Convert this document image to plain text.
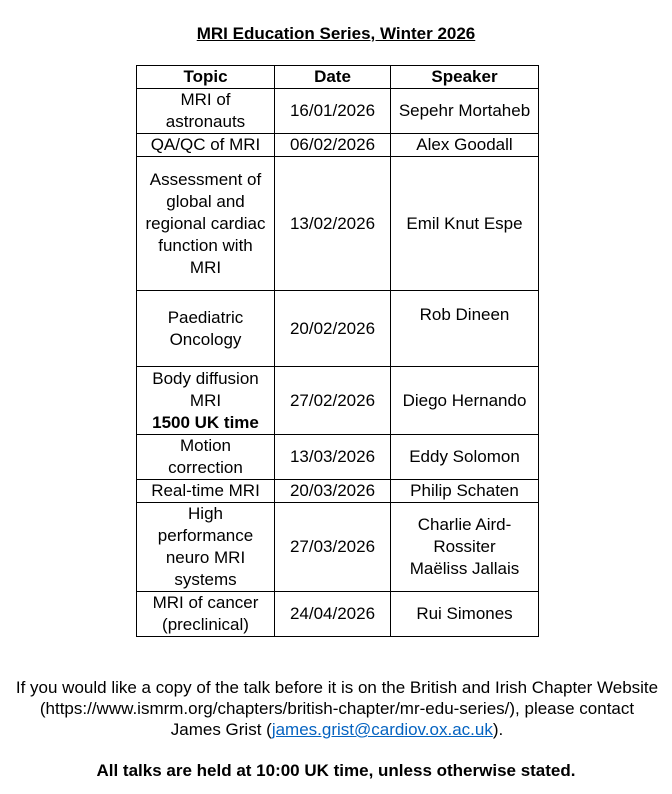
MRI Education Series, Winter 2026
Topic	Date	Speaker
MRI of astronauts	16/01/2026	Sepehr Mortaheb

QA/QC of MRI	06/02/2026	Alex Goodall

Assessment of global and regional cardiac function with MRI	13/02/2026	Emil Knut Espe

Paediatric Oncology	20/02/2026	Rob Dineen

Body diffusion MRI
1500 UK time	27/02/2026	Diego Hernando

Motion correction	13/03/2026	Eddy Solomon

Real-time MRI	20/03/2026	Philip Schaten

High performance neuro MRI systems	27/03/2026	Charlie Aird-Rossiter
Maëliss Jallais

MRI of cancer (preclinical)	24/04/2026	Rui Simones
If you would like a copy of the talk before it is on the British and Irish Chapter Website (https://www.ismrm.org/chapters/british-chapter/mr-edu-series/), please contact James Grist (james.grist@cardiov.ox.ac.uk).
All talks are held at 10:00 UK time, unless otherwise stated.
